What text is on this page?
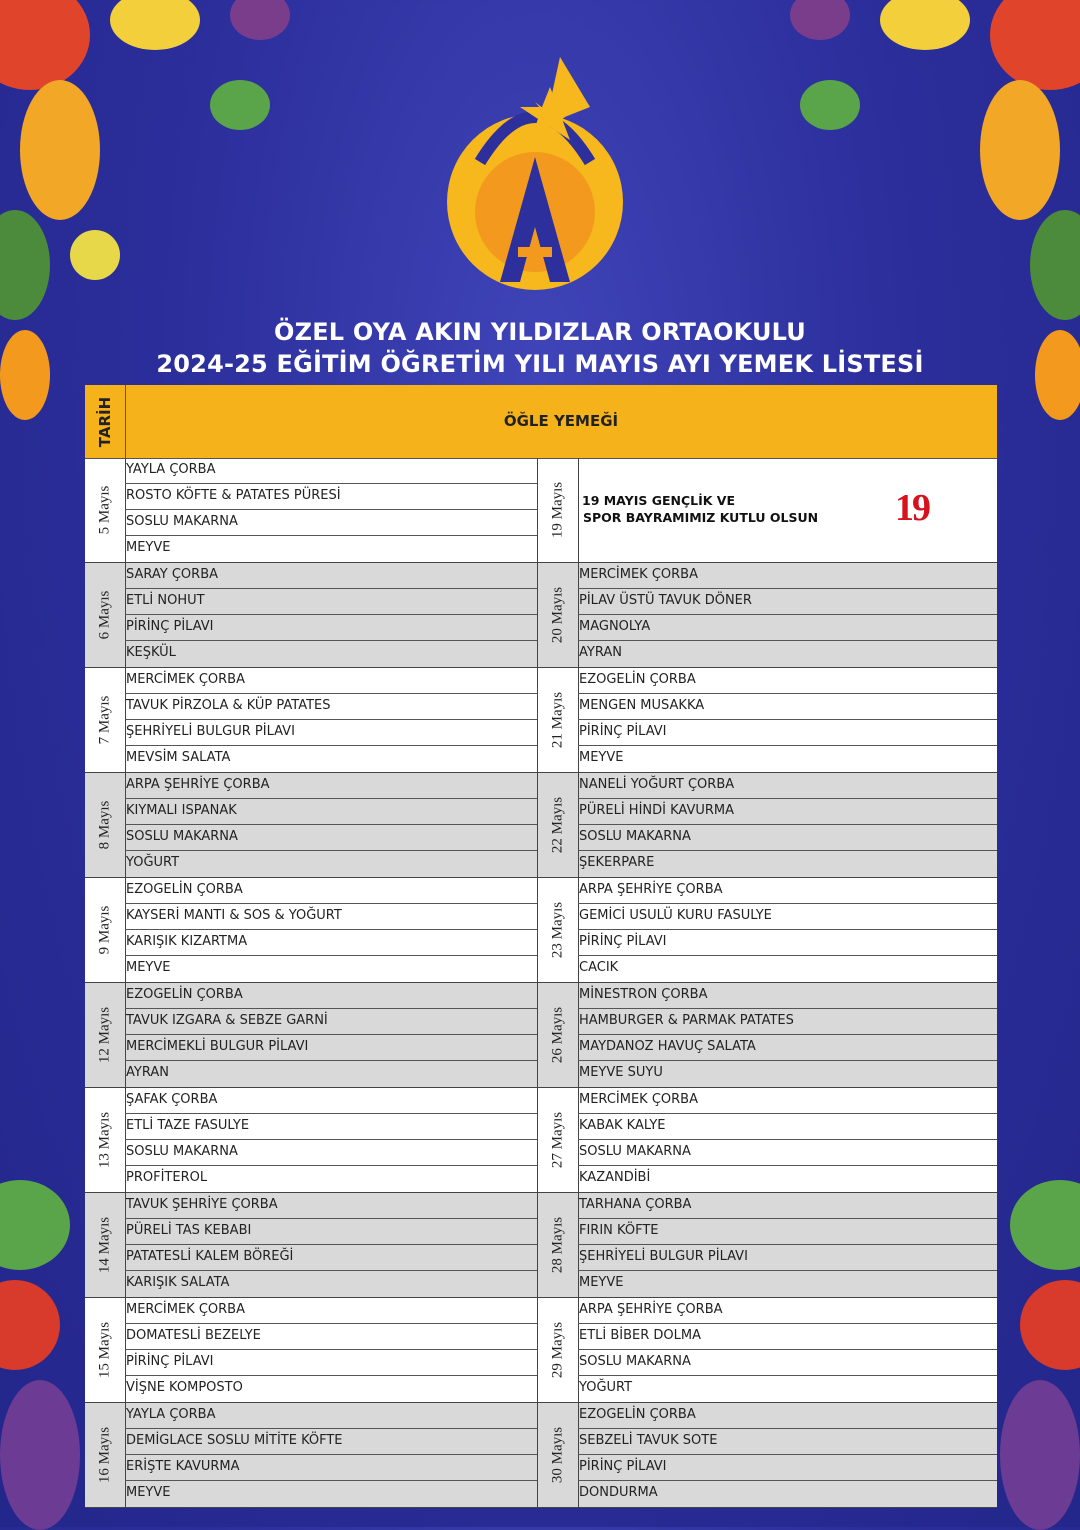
ÖZEL OYA AKIN YILDIZLAR ORTAOKULU
2024-25 EĞİTİM ÖĞRETİM YILI MAYIS AYI YEMEK LİSTESİ
TARİH	ÖĞLE YEMEĞİ
5 Mayıs
YAYLA ÇORBA
ROSTO KÖFTE & PATATES PÜRESİ
SOSLU MAKARNA
MEYVE
6 Mayıs
SARAY ÇORBA
ETLİ NOHUT
PİRİNÇ PİLAVI
KEŞKÜL
7 Mayıs
MERCİMEK ÇORBA
TAVUK PİRZOLA & KÜP PATATES
ŞEHRİYELİ BULGUR PİLAVI
MEVSİM SALATA
8 Mayıs
ARPA ŞEHRİYE ÇORBA
KIYMALI ISPANAK
SOSLU MAKARNA
YOĞURT
9 Mayıs
EZOGELİN ÇORBA
KAYSERİ MANTI & SOS & YOĞURT
KARIŞIK KIZARTMA
MEYVE
12 Mayıs
EZOGELİN ÇORBA
TAVUK IZGARA & SEBZE GARNİ
MERCİMEKLİ BULGUR PİLAVI
AYRAN
13 Mayıs
ŞAFAK ÇORBA
ETLİ TAZE FASULYE
SOSLU MAKARNA
PROFİTEROL
14 Mayıs
TAVUK ŞEHRİYE ÇORBA
PÜRELİ TAS KEBABI
PATATESLİ KALEM BÖREĞİ
KARIŞIK SALATA
15 Mayıs
MERCİMEK ÇORBA
DOMATESLİ BEZELYE
PİRİNÇ PİLAVI
VİŞNE KOMPOSTO
16 Mayıs
YAYLA ÇORBA
DEMİGLACE SOSLU MİTİTE KÖFTE
ERİŞTE KAVURMA
MEYVE
19 Mayıs 19 MAYIS GENÇLİK VE
SPOR BAYRAMIMIZ KUTLU OLSUN 19
20 Mayıs
MERCİMEK ÇORBA
PİLAV ÜSTÜ TAVUK DÖNER
MAGNOLYA
AYRAN
21 Mayıs
EZOGELİN ÇORBA
MENGEN MUSAKKA
PİRİNÇ PİLAVI
MEYVE
22 Mayıs
NANELİ YOĞURT ÇORBA
PÜRELİ HİNDİ KAVURMA
SOSLU MAKARNA
ŞEKERPARE
23 Mayıs
ARPA ŞEHRİYE ÇORBA
GEMİCİ USULÜ KURU FASULYE
PİRİNÇ PİLAVI
CACIK
26 Mayıs
MİNESTRON ÇORBA
HAMBURGER & PARMAK PATATES
MAYDANOZ HAVUÇ SALATA
MEYVE SUYU
27 Mayıs
MERCİMEK ÇORBA
KABAK KALYE
SOSLU MAKARNA
KAZANDİBİ
28 Mayıs
TARHANA ÇORBA
FIRIN KÖFTE
ŞEHRİYELİ BULGUR PİLAVI
MEYVE
29 Mayıs
ARPA ŞEHRİYE ÇORBA
ETLİ BİBER DOLMA
SOSLU MAKARNA
YOĞURT
30 Mayıs
EZOGELİN ÇORBA
SEBZELİ TAVUK SOTE
PİRİNÇ PİLAVI
DONDURMA
